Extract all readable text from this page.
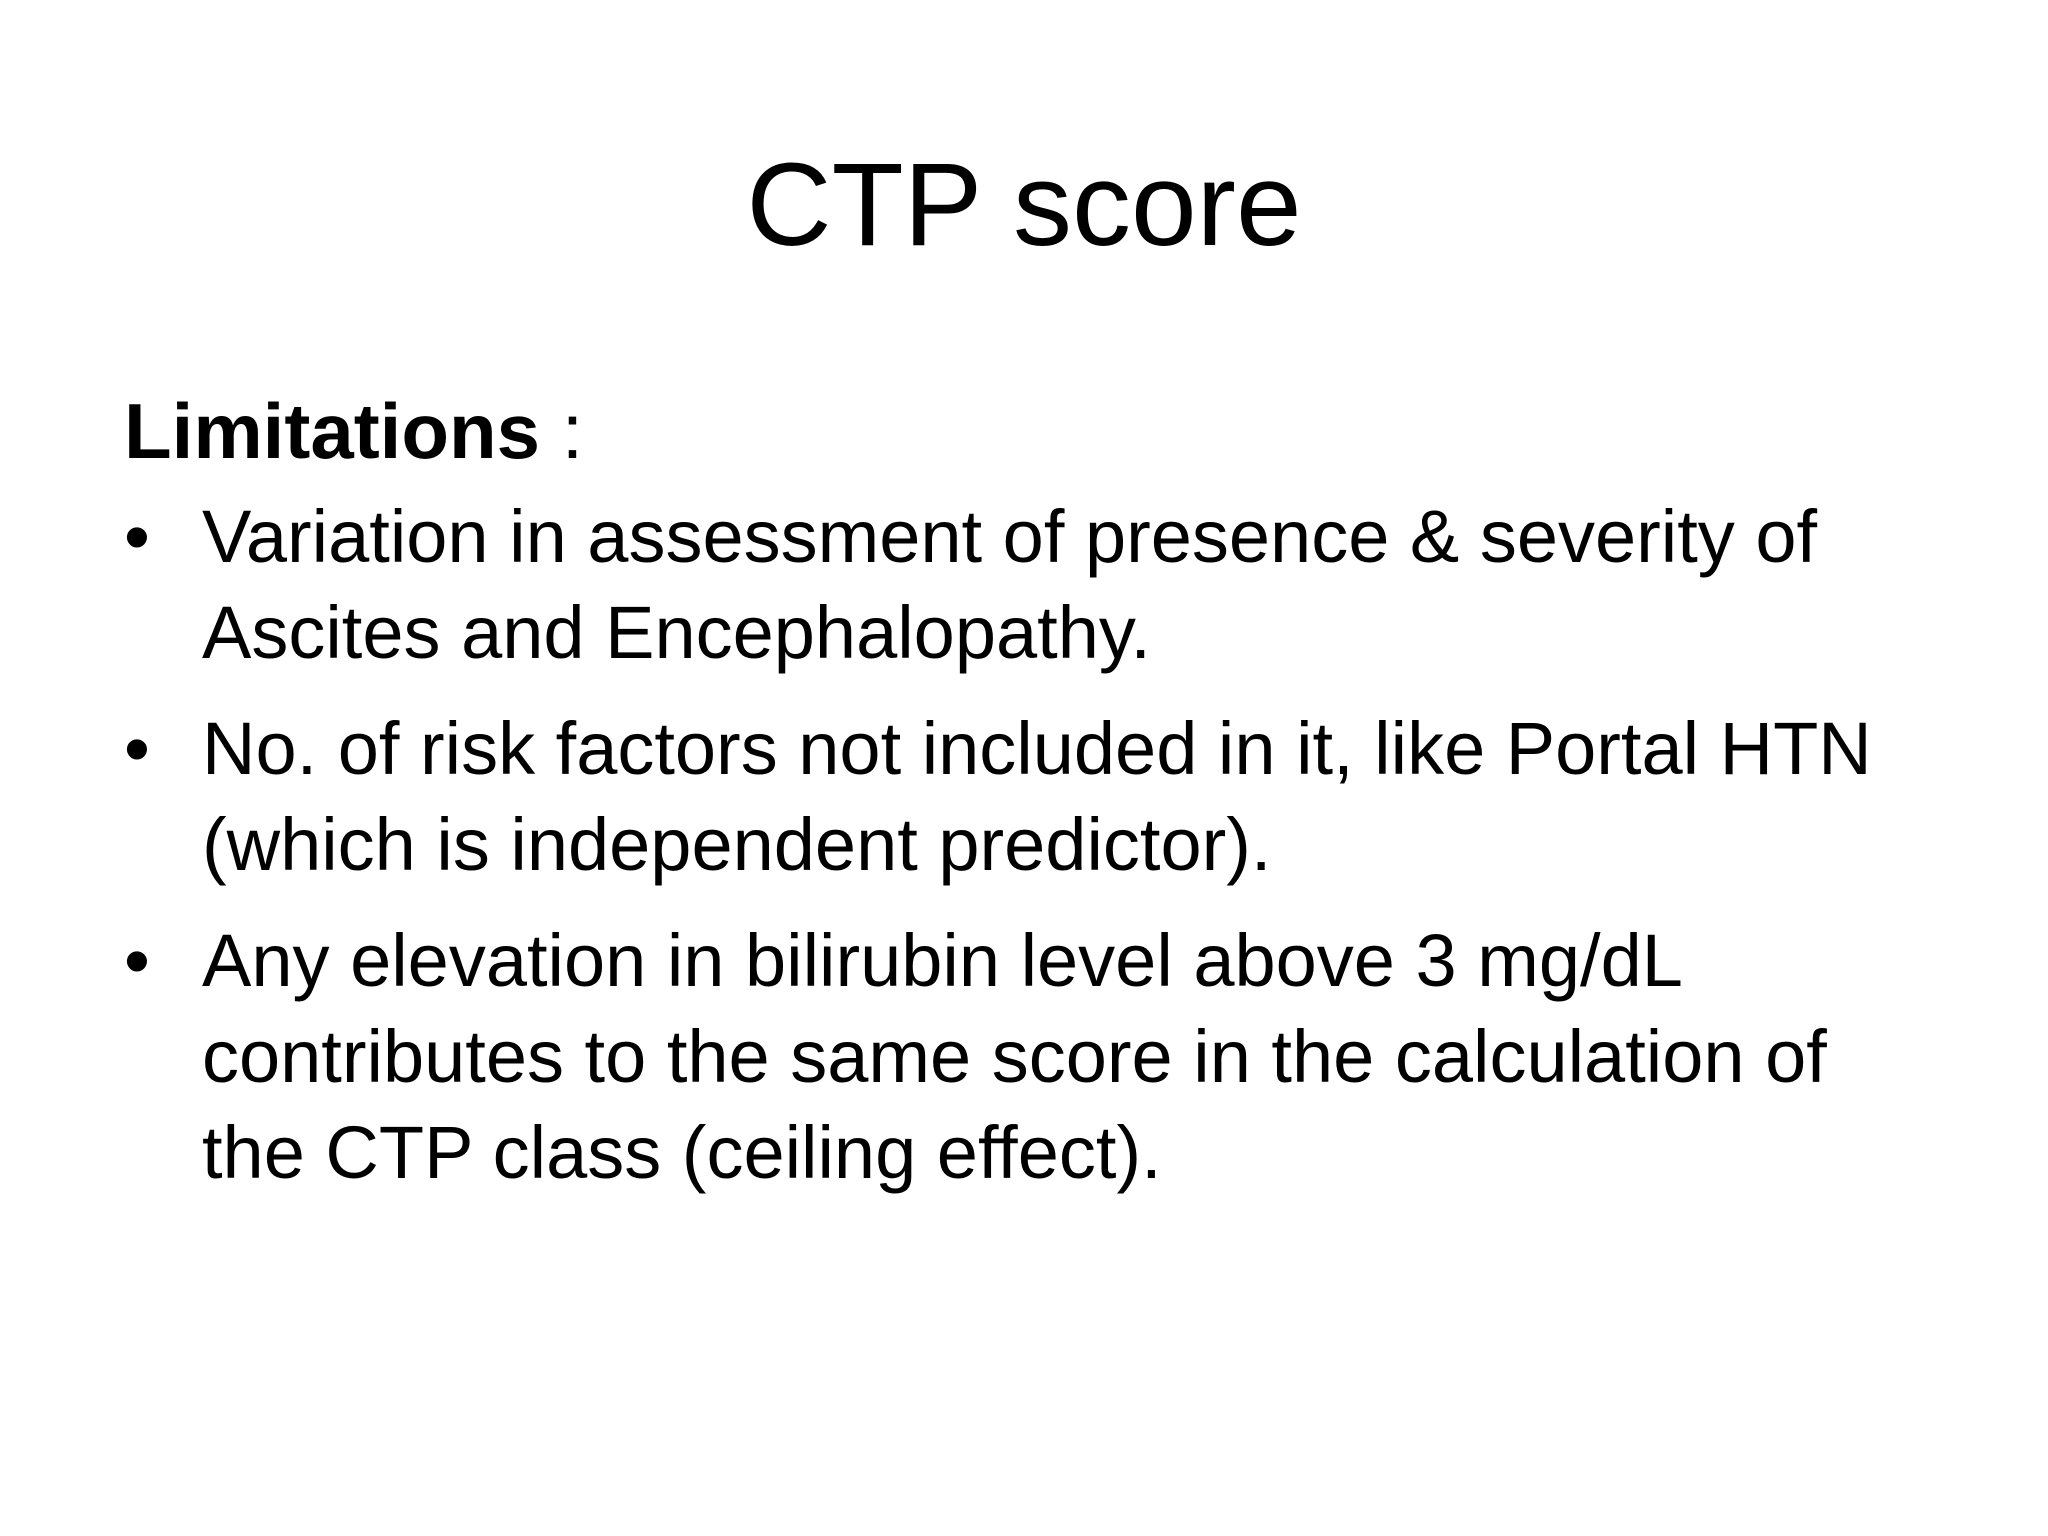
CTP score

Limitations :

• Variation in assessment of presence & severity of
Ascites and Encephalopathy.
• No. of risk factors not included in it, like Portal HTN
(which is independent predictor).
• Any elevation in bilirubin level above 3 mg/dL
contributes to the same score in the calculation of
the CTP class (ceiling effect).
